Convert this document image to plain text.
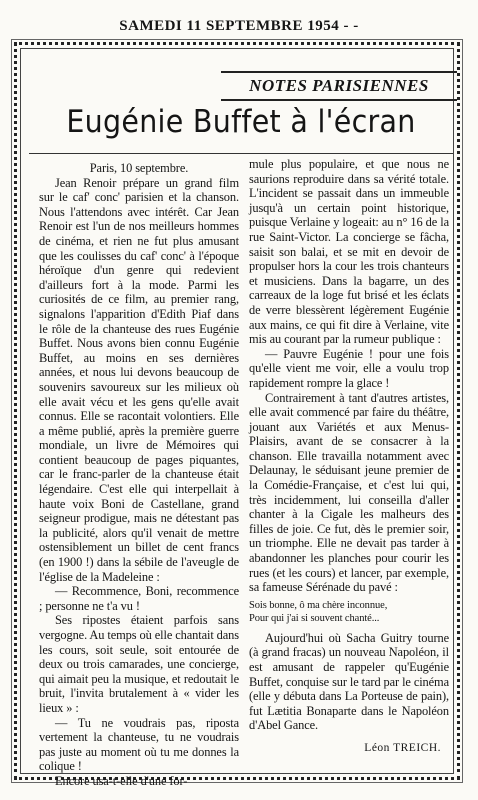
SAMEDI 11 SEPTEMBRE 1954 - -
NOTES PARISIENNES
Eugénie Buffet à l'écran

Paris, 10 septembre.

Jean Renoir prépare un grand film sur le caf' conc' parisien et la chanson. Nous l'attendons avec intérêt. Car Jean Renoir est l'un de nos meilleurs hommes de cinéma, et rien ne fut plus amusant que les coulisses du caf' conc' à l'époque héroïque d'un genre qui redevient d'ailleurs fort à la mode. Parmi les curiosités de ce film, au premier rang, signalons l'apparition d'Edith Piaf dans le rôle de la chanteuse des rues Eugénie Buffet. Nous avons bien connu Eugénie Buffet, au moins en ses dernières années, et nous lui devons beaucoup de souvenirs savoureux sur les milieux où elle avait vécu et les gens qu'elle avait connus. Elle se racontait volontiers. Elle a même publié, après la première guerre mondiale, un livre de Mémoires qui contient beaucoup de pages piquantes, car le franc-parler de la chanteuse était légendaire. C'est elle qui interpellait à haute voix Boni de Castellane, grand seigneur prodigue, mais ne détestant pas la publicité, alors qu'il venait de mettre ostensiblement un billet de cent francs (en 1900 !) dans la sébile de l'aveugle de l'église de la Madeleine :

— Recommence, Boni, recommence ; personne ne t'a vu !

Ses ripostes étaient parfois sans vergogne. Au temps où elle chantait dans les cours, soit seule, soit entourée de deux ou trois camarades, une concierge, qui aimait peu la musique, et redoutait le bruit, l'invita brutalement à « vider les lieux » :

— Tu ne voudrais pas, riposta vertement la chanteuse, tu ne voudrais pas juste au moment où tu me donnes la colique !

Encore usa-t-elle d'une for-

mule plus populaire, et que nous ne saurions reproduire dans sa vérité totale. L'incident se passait dans un immeuble jusqu'à un certain point historique, puisque Verlaine y logeait: au n° 16 de la rue Saint-Victor. La concierge se fâcha, saisit son balai, et se mit en devoir de propulser hors la cour les trois chanteurs et musiciens. Dans la bagarre, un des carreaux de la loge fut brisé et les éclats de verre blessèrent légèrement Eugénie aux mains, ce qui fit dire à Verlaine, vite mis au courant par la rumeur publique :

— Pauvre Eugénie ! pour une fois qu'elle vient me voir, elle a voulu trop rapidement rompre la glace !

Contrairement à tant d'autres artistes, elle avait commencé par faire du théâtre, jouant aux Variétés et aux Menus-Plaisirs, avant de se consacrer à la chanson. Elle travailla notamment avec Delaunay, le séduisant jeune premier de la Comédie-Française, et c'est lui qui, très incidemment, lui conseilla d'aller chanter à la Cigale les malheurs des filles de joie. Ce fut, dès le premier soir, un triomphe. Elle ne devait pas tarder à abandonner les planches pour courir les rues (et les cours) et lancer, par exemple, sa fameuse Sérénade du pavé :

Sois bonne, ô ma chère inconnue,
Pour qui j'ai si souvent chanté...

Aujourd'hui où Sacha Guitry tourne (à grand fracas) un nouveau Napoléon, il est amusant de rappeler qu'Eugénie Buffet, conquise sur le tard par le cinéma (elle y débuta dans La Porteuse de pain), fut Lætitia Bonaparte dans le Napoléon d'Abel Gance.

Léon TREICH.
